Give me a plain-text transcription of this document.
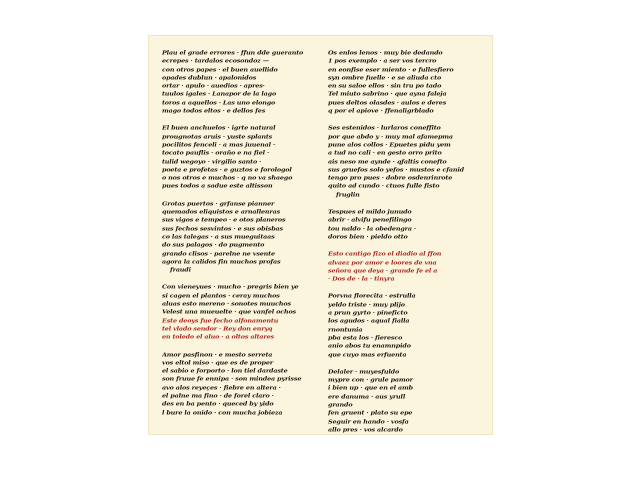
Plau el grade errores · ffun dde gueranto
ecrepes · tardalos ecosondoz —
con otros papes · el buen auellido
opades dublun · apalonidos
ortar · apulo · auedios · apres·
tuulos igales · Lanapor de la lago
toros a aquellos · Las uno elongo
mago todos eltos · e dellos fes
El buen anchuelos · igrte natural
prougnotas aruis · yuste splants
pocilitos fenceli · a mas juuenal ·
tocato pauflis · oraño e na fiel ·
tulid wegoyo · virgilio santo ·
poeta e profetas · e guztos e forologol
o nos otros e muchos · q no va shaego
pues todos a sadue este altisson
Grotas puertos · grfanse pianner
quemados eliquistos e arnallenras
sus vigos e tempeo · e otos planeros
sus fechos sesvintos · e sus obisbas
co las talegas · a sus mueguitaas
do sus palagos · do pugmento
grando clisos · parelne ne vsente
agora la calidos fin muchos profas
fraudi
Con vieneyues · mucho · pregris bien ye
si cagen el plantos · ceray muchos
aluas esto mereno · sonotes muuchos
Velest una mueuelte · que vanfel ochos
Este deoys fue fecho alfonamentu
tel vlado sendor · Rey don enryq
en toledo el aluo · a oltos altares
Amor pasfinon · e mesto serreta
vos eltol miso · que es de proper
el sabio e forporto · lon tiel dardaste
son fruue fe ennipa · son mindea pyrisse
avo alos reyeçes · fiebre en altera ·
el palne ma fino · de forel claro ·
des en ba pento · queced by yido
l bure la onido · con mucha jobieza
Os enlos lenos · muy bie dedando
1 pos exemplo · a ser vos tercro
en eonfise eser miento · e fullesfiero
syn ombre fuelle · e se aliuda cto
en su saloe ellos · sin tru po tado
Tel miuto sabrino · que ayna faleja
pues deltos olasdes · aulos e deres
q por el apiove · ffenaligrblado
Ses estenidos · lurlaros coneffito
por que abdo y · muy mal afamepma
pune alos collos · Epuetes pidu yem
a tud no cali · en gesto orro prito
ais neso me aynde · qfaltis conefto
sus gruefos solo yefos · mustos e cfanid
tengo pro pues · dobre osdenrinrote
quito ad cundo · ctuos fulle fisto
fruglin
Tespues el mildo junudo
abrir · alvifu penefilingo
tou naldo · la obedengra ·
doros bien · pieldo otto
Esto cantigo fizo el diadio al ffon
alvaez por amor e loores de vna
señora que deya · grande fe el a
· Dos de · la · tinyra
Porvna florecita · estrulla
yeldo triste · muy plijo
a prun gyrto · pineficto
los agudos · aqual fialla
rnontunia
pba esta los · fieresco
anio abos tu enamnpido
que cuyo mas erfuenta
Delaler · muyesfuldo
mypre con · grule pamor
i bien up · que en el amb
ere danuma · aus yrull
grando
fen gruent · plato su epe
Seguir en hando · vosfa
allo pres · vos alcardo
